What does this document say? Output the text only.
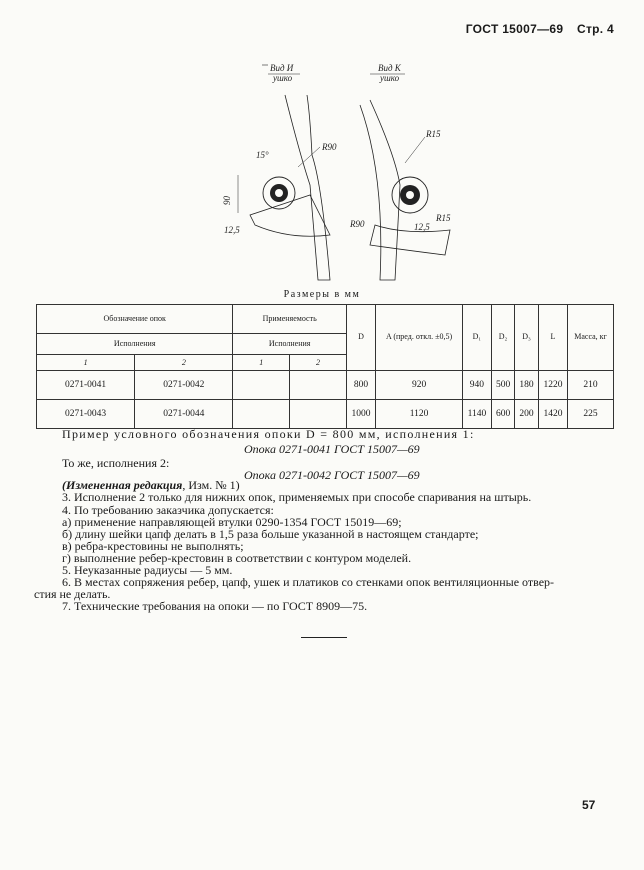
ГОСТ 15007—69 Стр. 4
Вид И
ушко
R90
15°
90
12,5
Вид К
ушко
R15
R90
R15
12,5
Размеры в мм
Обозначение опок		Применяемость		D	A (пред. откл. ±0,5)	D₁	D₂	D₃	L	Масса, кг
Исполнения		Исполнения								
1	2	1	2							
0271-0041	0271-0042			800	920	940	500	180	1220	210
0271-0043	0271-0044			1000	1120	1140	600	200	1420	225
Пример условного обозначения опоки D = 800 мм, исполнения 1:
Опока 0271-0041 ГОСТ 15007—69
То же, исполнения 2:
Опока 0271-0042 ГОСТ 15007—69
(Измененная редакция, Изм. № 1)
3. Исполнение 2 только для нижних опок, применяемых при способе спаривания на штырь.
4. По требованию заказчика допускается:
а) применение направляющей втулки 0290-1354 ГОСТ 15019—69;
б) длину шейки цапф делать в 1,5 раза больше указанной в настоящем стандарте;
в) ребра-крестовины не выполнять;
г) выполнение ребер-крестовин в соответствии с контуром моделей.
5. Неуказанные радиусы — 5 мм.
6. В местах сопряжения ребер, цапф, ушек и платиков со стенками опок вентиляционные отвер-
стия не делать.
7. Технические требования на опоки — по ГОСТ 8909—75.
57
